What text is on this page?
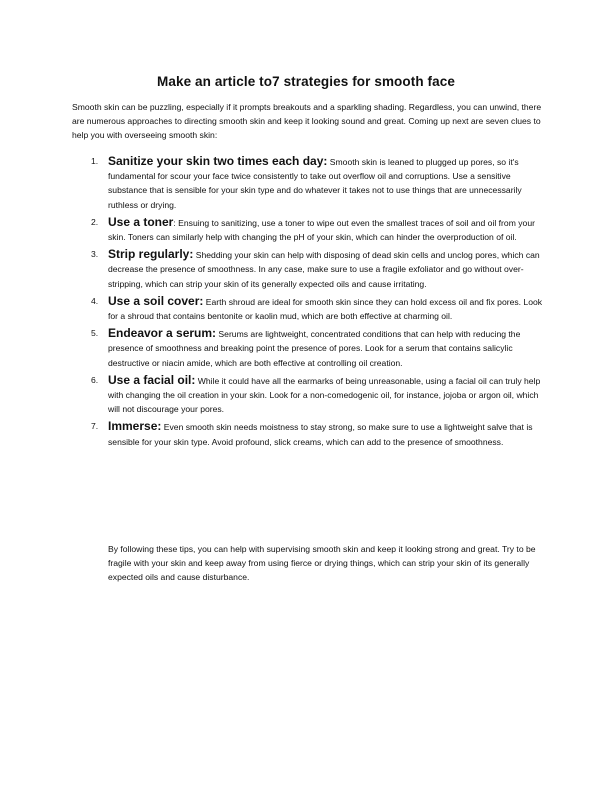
Make an article to7 strategies for smooth face
Smooth skin can be puzzling, especially if it prompts breakouts and a sparkling shading. Regardless, you can unwind, there are numerous approaches to directing smooth skin and keep it looking sound and great. Coming up next are seven clues to help you with overseeing smooth skin:
1. Sanitize your skin two times each day: Smooth skin is leaned to plugged up pores, so it's fundamental for scour your face twice consistently to take out overflow oil and corruptions. Use a sensitive substance that is sensible for your skin type and do whatever it takes not to use things that are unnecessarily ruthless or drying.
2. Use a toner: Ensuing to sanitizing, use a toner to wipe out even the smallest traces of soil and oil from your skin. Toners can similarly help with changing the pH of your skin, which can hinder the overproduction of oil.
3. Strip regularly: Shedding your skin can help with disposing of dead skin cells and unclog pores, which can decrease the presence of smoothness. In any case, make sure to use a fragile exfoliator and go without over-stripping, which can strip your skin of its generally expected oils and cause irritating.
4. Use a soil cover: Earth shroud are ideal for smooth skin since they can hold excess oil and fix pores. Look for a shroud that contains bentonite or kaolin mud, which are both effective at charming oil.
5. Endeavor a serum: Serums are lightweight, concentrated conditions that can help with reducing the presence of smoothness and breaking point the presence of pores. Look for a serum that contains salicylic destructive or niacin amide, which are both effective at controlling oil creation.
6. Use a facial oil: While it could have all the earmarks of being unreasonable, using a facial oil can truly help with changing the oil creation in your skin. Look for a non-comedogenic oil, for instance, jojoba or argon oil, which will not discourage your pores.
7. Immerse: Even smooth skin needs moistness to stay strong, so make sure to use a lightweight salve that is sensible for your skin type. Avoid profound, slick creams, which can add to the presence of smoothness.
By following these tips, you can help with supervising smooth skin and keep it looking strong and great. Try to be fragile with your skin and keep away from using fierce or drying things, which can strip your skin of its generally expected oils and cause disturbance.
